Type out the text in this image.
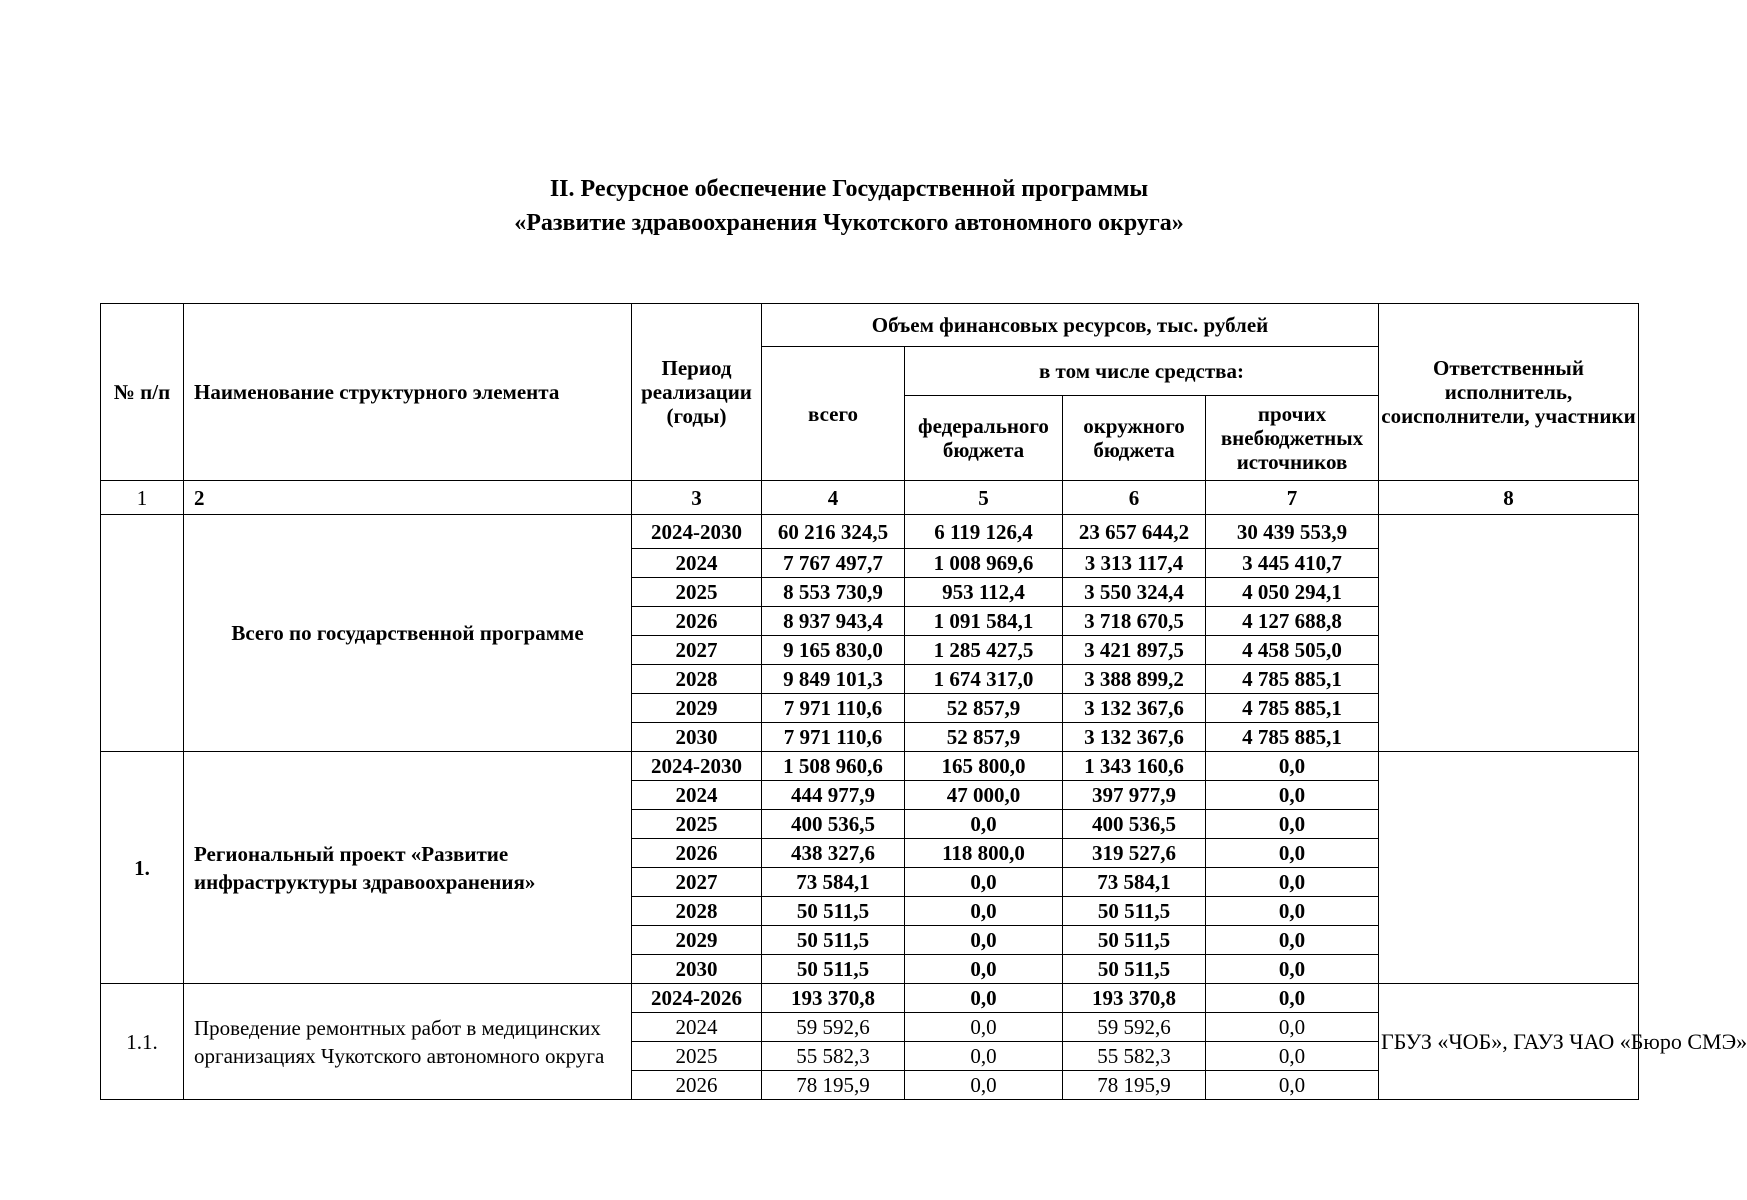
II. Ресурсное обеспечение Государственной программы
«Развитие здравоохранения Чукотского автономного округа»
№ п/п	Наименование структурного элемента	Период реализации (годы)	Объем финансовых ресурсов, тыс. рублей				Ответственный исполнитель, соисполнители, участники
			всего	в том числе средства:			
				федерального бюджета	окружного бюджета	прочих внебюджетных источников	
1	2	3	4	5	6	7	8
	Всего по государственной программе	2024-2030	60 216 324,5	6 119 126,4	23 657 644,2	30 439 553,9	
		2024	7 767 497,7	1 008 969,6	3 313 117,4	3 445 410,7	
		2025	8 553 730,9	953 112,4	3 550 324,4	4 050 294,1	
		2026	8 937 943,4	1 091 584,1	3 718 670,5	4 127 688,8	
		2027	9 165 830,0	1 285 427,5	3 421 897,5	4 458 505,0	
		2028	9 849 101,3	1 674 317,0	3 388 899,2	4 785 885,1	
		2029	7 971 110,6	52 857,9	3 132 367,6	4 785 885,1	
		2030	7 971 110,6	52 857,9	3 132 367,6	4 785 885,1	
1.	Региональный проект «Развитие инфраструктуры здравоохранения»	2024-2030	1 508 960,6	165 800,0	1 343 160,6	0,0	
		2024	444 977,9	47 000,0	397 977,9	0,0	
		2025	400 536,5	0,0	400 536,5	0,0	
		2026	438 327,6	118 800,0	319 527,6	0,0	
		2027	73 584,1	0,0	73 584,1	0,0	
		2028	50 511,5	0,0	50 511,5	0,0	
		2029	50 511,5	0,0	50 511,5	0,0	
		2030	50 511,5	0,0	50 511,5	0,0	
1.1.	Проведение ремонтных работ в медицинских организациях Чукотского автономного округа	2024-2026	193 370,8	0,0	193 370,8	0,0	ГБУЗ «ЧОБ», ГАУЗ ЧАО «Бюро СМЭ»
		2024	59 592,6	0,0	59 592,6	0,0	
		2025	55 582,3	0,0	55 582,3	0,0	
		2026	78 195,9	0,0	78 195,9	0,0	
